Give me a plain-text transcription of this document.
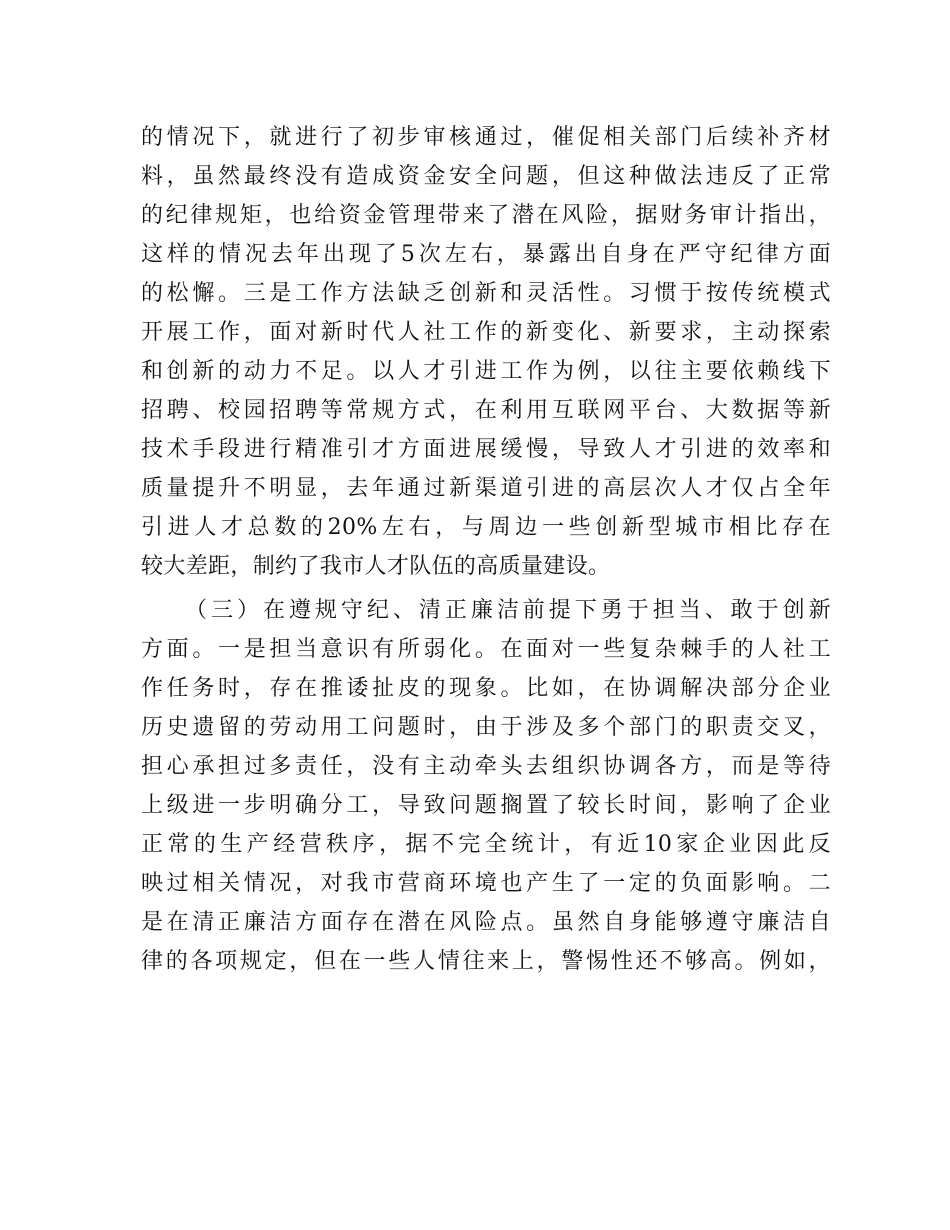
的情况下，就进行了初步审核通过，催促相关部门后续补齐材
料，虽然最终没有造成资金安全问题，但这种做法违反了正常
的纪律规矩，也给资金管理带来了潜在风险，据财务审计指出，
这样的情况去年出现了5次左右，暴露出自身在严守纪律方面
的松懈。三是工作方法缺乏创新和灵活性。习惯于按传统模式
开展工作，面对新时代人社工作的新变化、新要求，主动探索
和创新的动力不足。以人才引进工作为例，以往主要依赖线下
招聘、校园招聘等常规方式，在利用互联网平台、大数据等新
技术手段进行精准引才方面进展缓慢，导致人才引进的效率和
质量提升不明显，去年通过新渠道引进的高层次人才仅占全年
引进人才总数的20%左右，与周边一些创新型城市相比存在
较大差距，制约了我市人才队伍的高质量建设。
（三）在遵规守纪、清正廉洁前提下勇于担当、敢于创新
方面。一是担当意识有所弱化。在面对一些复杂棘手的人社工
作任务时，存在推诿扯皮的现象。比如，在协调解决部分企业
历史遗留的劳动用工问题时，由于涉及多个部门的职责交叉，
担心承担过多责任，没有主动牵头去组织协调各方，而是等待
上级进一步明确分工，导致问题搁置了较长时间，影响了企业
正常的生产经营秩序，据不完全统计，有近10家企业因此反
映过相关情况，对我市营商环境也产生了一定的负面影响。二
是在清正廉洁方面存在潜在风险点。虽然自身能够遵守廉洁自
律的各项规定，但在一些人情往来上，警惕性还不够高。例如，
